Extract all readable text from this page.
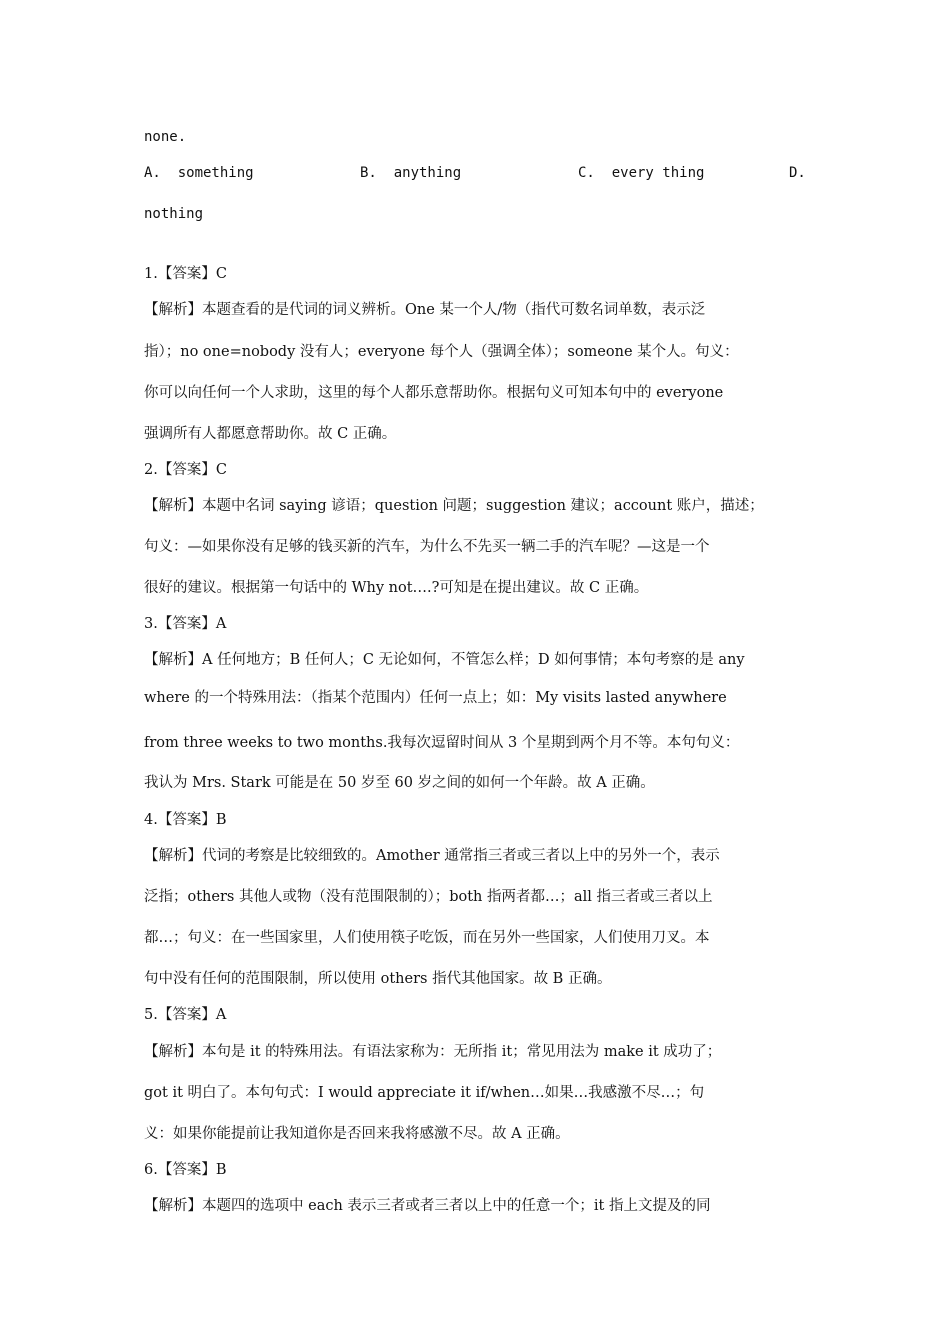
none.
A. something	B. anything	C. every thing	D.
nothing
1.【答案】C
【解析】本题查看的是代词的词义辨析。One 某一个人/物（指代可数名词单数，表示泛
指）；no one=nobody 没有人；everyone 每个人（强调全体）；someone 某个人。句义：
你可以向任何一个人求助，这里的每个人都乐意帮助你。根据句义可知本句中的 everyone
强调所有人都愿意帮助你。故 C 正确。
2.【答案】C
【解析】本题中名词 saying 谚语；question 问题；suggestion 建议；account 账户，描述；
句义：—如果你没有足够的钱买新的汽车，为什么不先买一辆二手的汽车呢？—这是一个
很好的建议。根据第一句话中的 Why not….?可知是在提出建议。故 C 正确。
3.【答案】A
【解析】A 任何地方；B 任何人；C 无论如何，不管怎么样；D 如何事情；本句考察的是 any
where 的一个特殊用法：（指某个范围内）任何一点上；如：My visits lasted anywhere
from three weeks to two months.我每次逗留时间从 3 个星期到两个月不等。本句句义：
我认为 Mrs. Stark 可能是在 50 岁至 60 岁之间的如何一个年龄。故 A 正确。
4.【答案】B
【解析】代词的考察是比较细致的。Amother 通常指三者或三者以上中的另外一个，表示
泛指；others 其他人或物（没有范围限制的）；both 指两者都…；all 指三者或三者以上
都…；句义：在一些国家里，人们使用筷子吃饭，而在另外一些国家，人们使用刀叉。本
句中没有任何的范围限制，所以使用 others 指代其他国家。故 B 正确。
5.【答案】A
【解析】本句是 it 的特殊用法。有语法家称为：无所指 it；常见用法为 make it 成功了；
got it 明白了。本句句式：I would appreciate it if/when…如果…我感激不尽…；句
义：如果你能提前让我知道你是否回来我将感激不尽。故 A 正确。
6.【答案】B
【解析】本题四的选项中 each 表示三者或者三者以上中的任意一个；it 指上文提及的同
